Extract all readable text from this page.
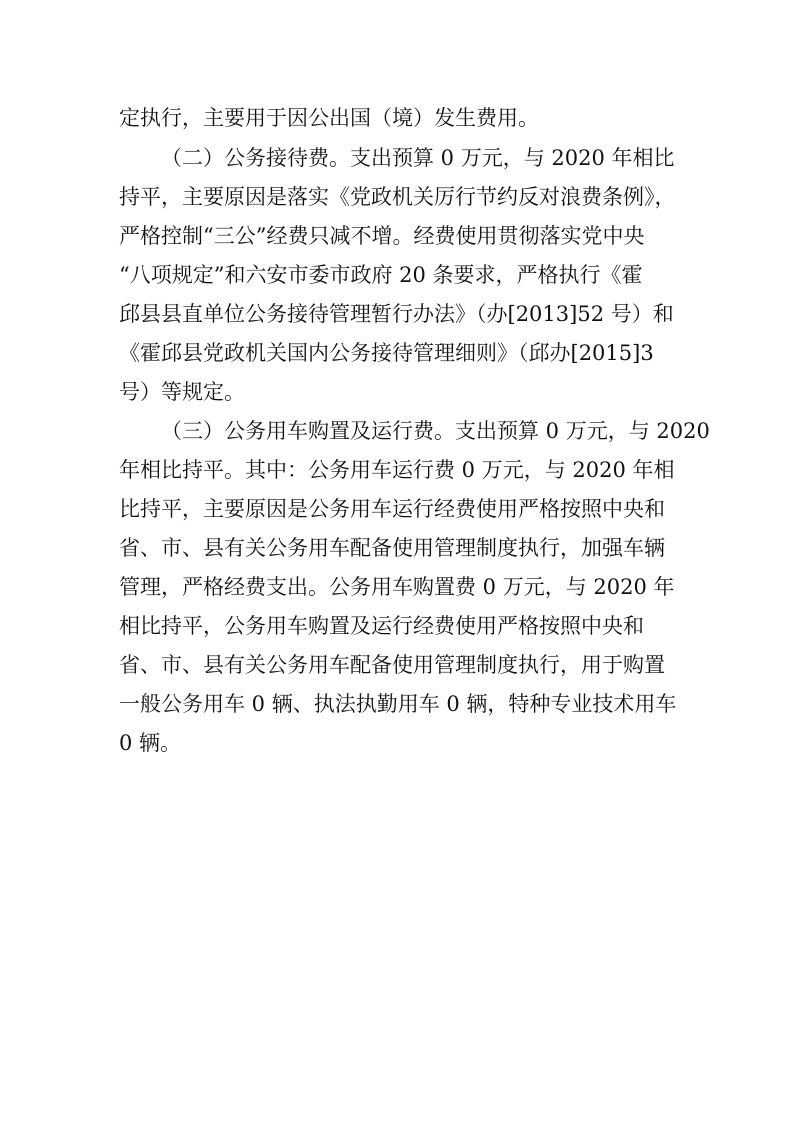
定执行，主要用于因公出国（境）发生费用。
（二）公务接待费。支出预算 0 万元，与 2020 年相比
持平，主要原因是落实《党政机关厉行节约反对浪费条例》，
严格控制“三公”经费只减不增。经费使用贯彻落实党中央
“八项规定”和六安市委市政府 20 条要求，严格执行《霍
邱县县直单位公务接待管理暂行办法》（办[2013]52 号）和
《霍邱县党政机关国内公务接待管理细则》（邱办[2015]3
号）等规定。
（三）公务用车购置及运行费。支出预算 0 万元，与 2020
年相比持平。其中：公务用车运行费 0 万元，与 2020 年相
比持平，主要原因是公务用车运行经费使用严格按照中央和
省、市、县有关公务用车配备使用管理制度执行，加强车辆
管理，严格经费支出。公务用车购置费 0 万元，与 2020 年
相比持平，公务用车购置及运行经费使用严格按照中央和
省、市、县有关公务用车配备使用管理制度执行，用于购置
一般公务用车 0 辆、执法执勤用车 0 辆，特种专业技术用车
0 辆。
